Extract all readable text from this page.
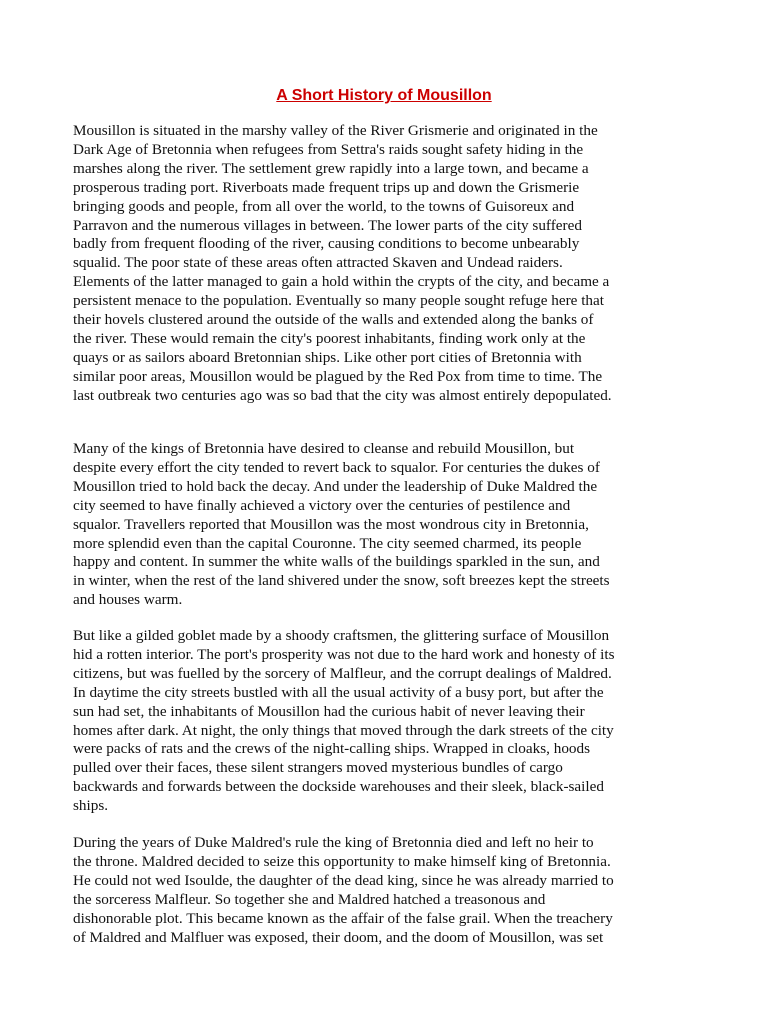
A Short History of Mousillon
Mousillon is situated in the marshy valley of the River Grismerie and originated in the
Dark Age of Bretonnia when refugees from Settra's raids sought safety hiding in the
marshes along the river. The settlement grew rapidly into a large town, and became a
prosperous trading port. Riverboats made frequent trips up and down the Grismerie
bringing goods and people, from all over the world, to the towns of Guisoreux and
Parravon and the numerous villages in between. The lower parts of the city suffered
badly from frequent flooding of the river, causing conditions to become unbearably
squalid. The poor state of these areas often attracted Skaven and Undead raiders.
Elements of the latter managed to gain a hold within the crypts of the city, and became a
persistent menace to the population. Eventually so many people sought refuge here that
their hovels clustered around the outside of the walls and extended along the banks of
the river. These would remain the city's poorest inhabitants, finding work only at the
quays or as sailors aboard Bretonnian ships. Like other port cities of Bretonnia with
similar poor areas, Mousillon would be plagued by the Red Pox from time to time. The
last outbreak two centuries ago was so bad that the city was almost entirely depopulated.
Many of the kings of Bretonnia have desired to cleanse and rebuild Mousillon, but
despite every effort the city tended to revert back to squalor. For centuries the dukes of
Mousillon tried to hold back the decay. And under the leadership of Duke Maldred the
city seemed to have finally achieved a victory over the centuries of pestilence and
squalor. Travellers reported that Mousillon was the most wondrous city in Bretonnia,
more splendid even than the capital Couronne. The city seemed charmed, its people
happy and content. In summer the white walls of the buildings sparkled in the sun, and
in winter, when the rest of the land shivered under the snow, soft breezes kept the streets
and houses warm.
But like a gilded goblet made by a shoody craftsmen, the glittering surface of Mousillon
hid a rotten interior. The port's prosperity was not due to the hard work and honesty of its
citizens, but was fuelled by the sorcery of Malfleur, and the corrupt dealings of Maldred.
In daytime the city streets bustled with all the usual activity of a busy port, but after the
sun had set, the inhabitants of Mousillon had the curious habit of never leaving their
homes after dark. At night, the only things that moved through the dark streets of the city
were packs of rats and the crews of the night-calling ships. Wrapped in cloaks, hoods
pulled over their faces, these silent strangers moved mysterious bundles of cargo
backwards and forwards between the dockside warehouses and their sleek, black-sailed
ships.
During the years of Duke Maldred's rule the king of Bretonnia died and left no heir to
the throne. Maldred decided to seize this opportunity to make himself king of Bretonnia.
He could not wed Isoulde, the daughter of the dead king, since he was already married to
the sorceress Malfleur. So together she and Maldred hatched a treasonous and
dishonorable plot. This became known as the affair of the false grail. When the treachery
of Maldred and Malfluer was exposed, their doom, and the doom of Mousillon, was set
